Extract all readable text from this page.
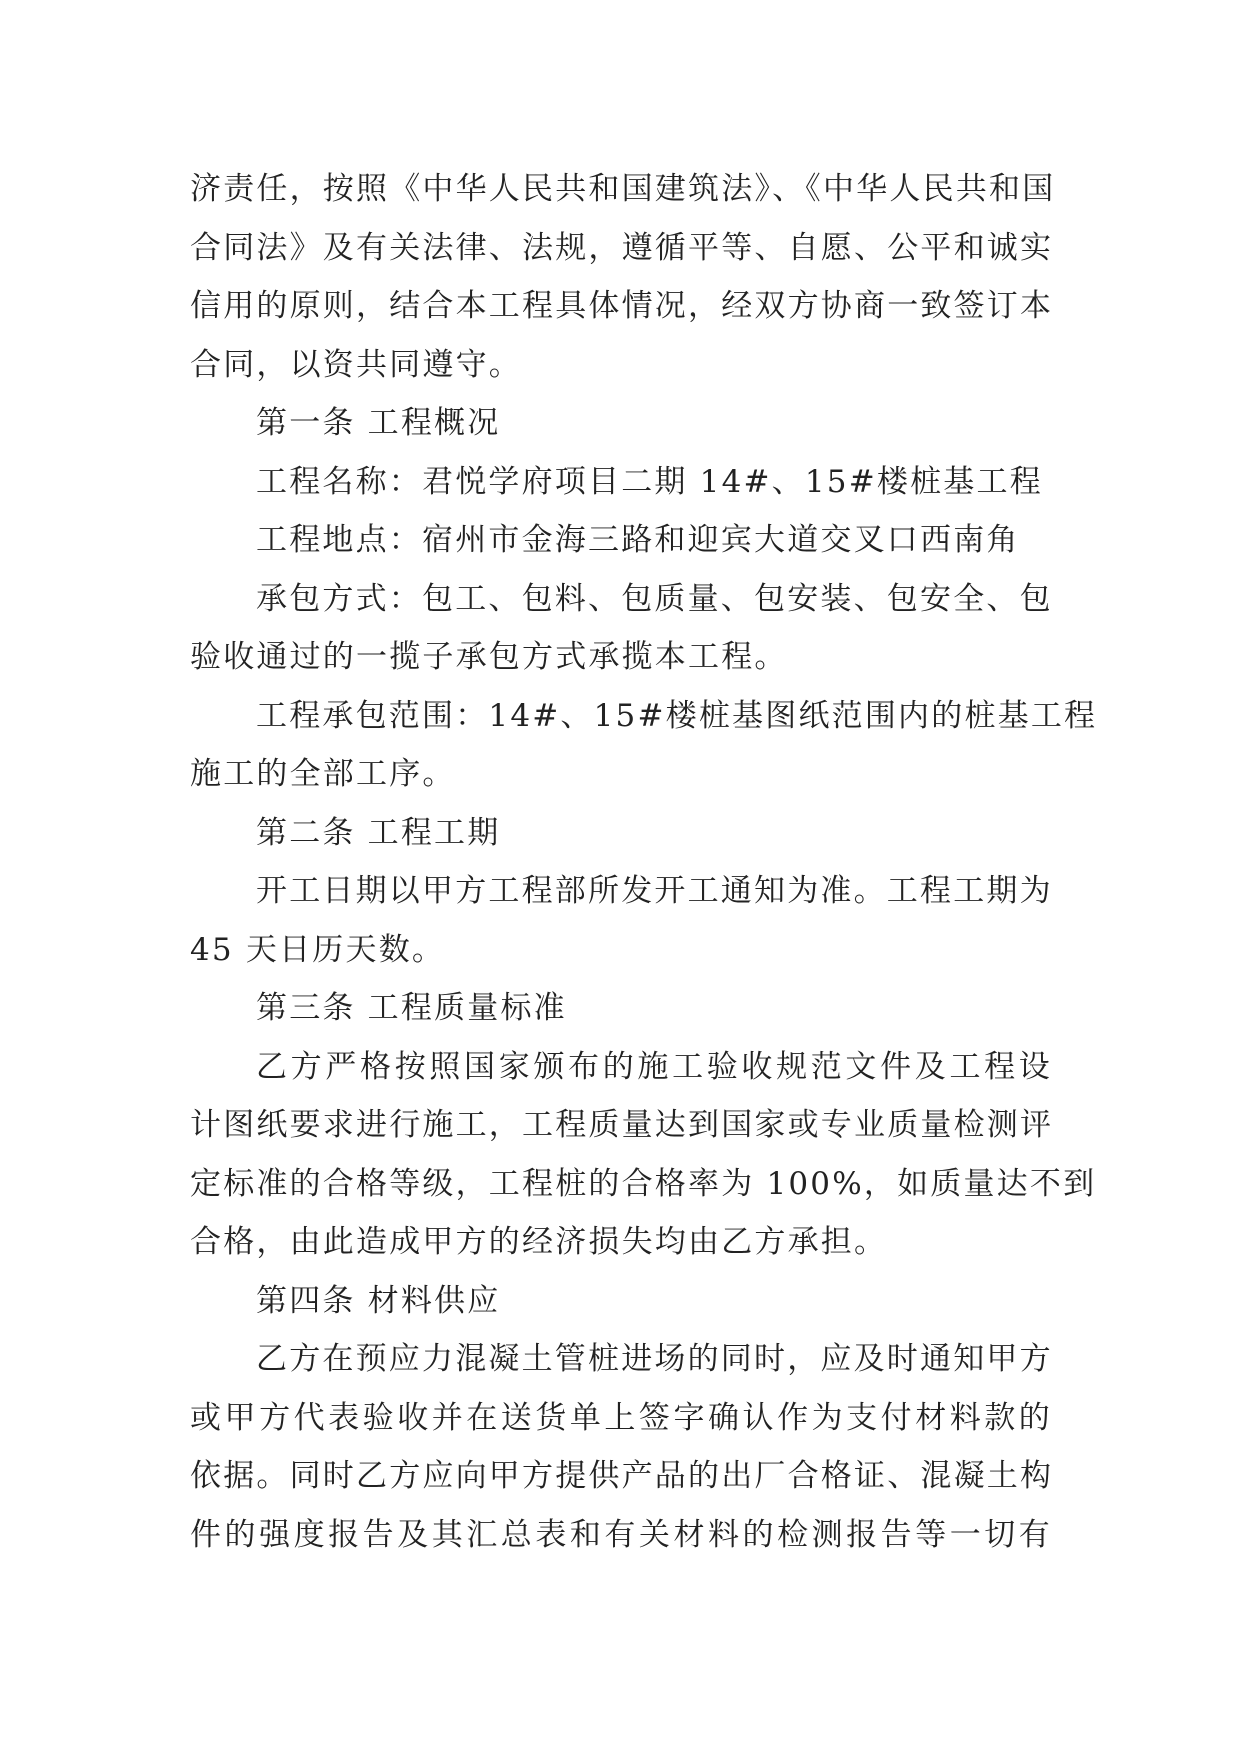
济责任，按照《中华人民共和国建筑法》、《中华人民共和国
合同法》及有关法律、法规，遵循平等、自愿、公平和诚实
信用的原则，结合本工程具体情况，经双方协商一致签订本
合同，以资共同遵守。
第一条 工程概况
工程名称：君悦学府项目二期 14#、15#楼桩基工程
工程地点：宿州市金海三路和迎宾大道交叉口西南角
承包方式：包工、包料、包质量、包安装、包安全、包
验收通过的一揽子承包方式承揽本工程。
工程承包范围：14#、15#楼桩基图纸范围内的桩基工程
施工的全部工序。
第二条 工程工期
开工日期以甲方工程部所发开工通知为准。工程工期为
45 天日历天数。
第三条 工程质量标准
乙方严格按照国家颁布的施工验收规范文件及工程设
计图纸要求进行施工，工程质量达到国家或专业质量检测评
定标准的合格等级，工程桩的合格率为 100%，如质量达不到
合格，由此造成甲方的经济损失均由乙方承担。
第四条 材料供应
乙方在预应力混凝土管桩进场的同时，应及时通知甲方
或甲方代表验收并在送货单上签字确认作为支付材料款的
依据。同时乙方应向甲方提供产品的出厂合格证、混凝土构
件的强度报告及其汇总表和有关材料的检测报告等一切有
